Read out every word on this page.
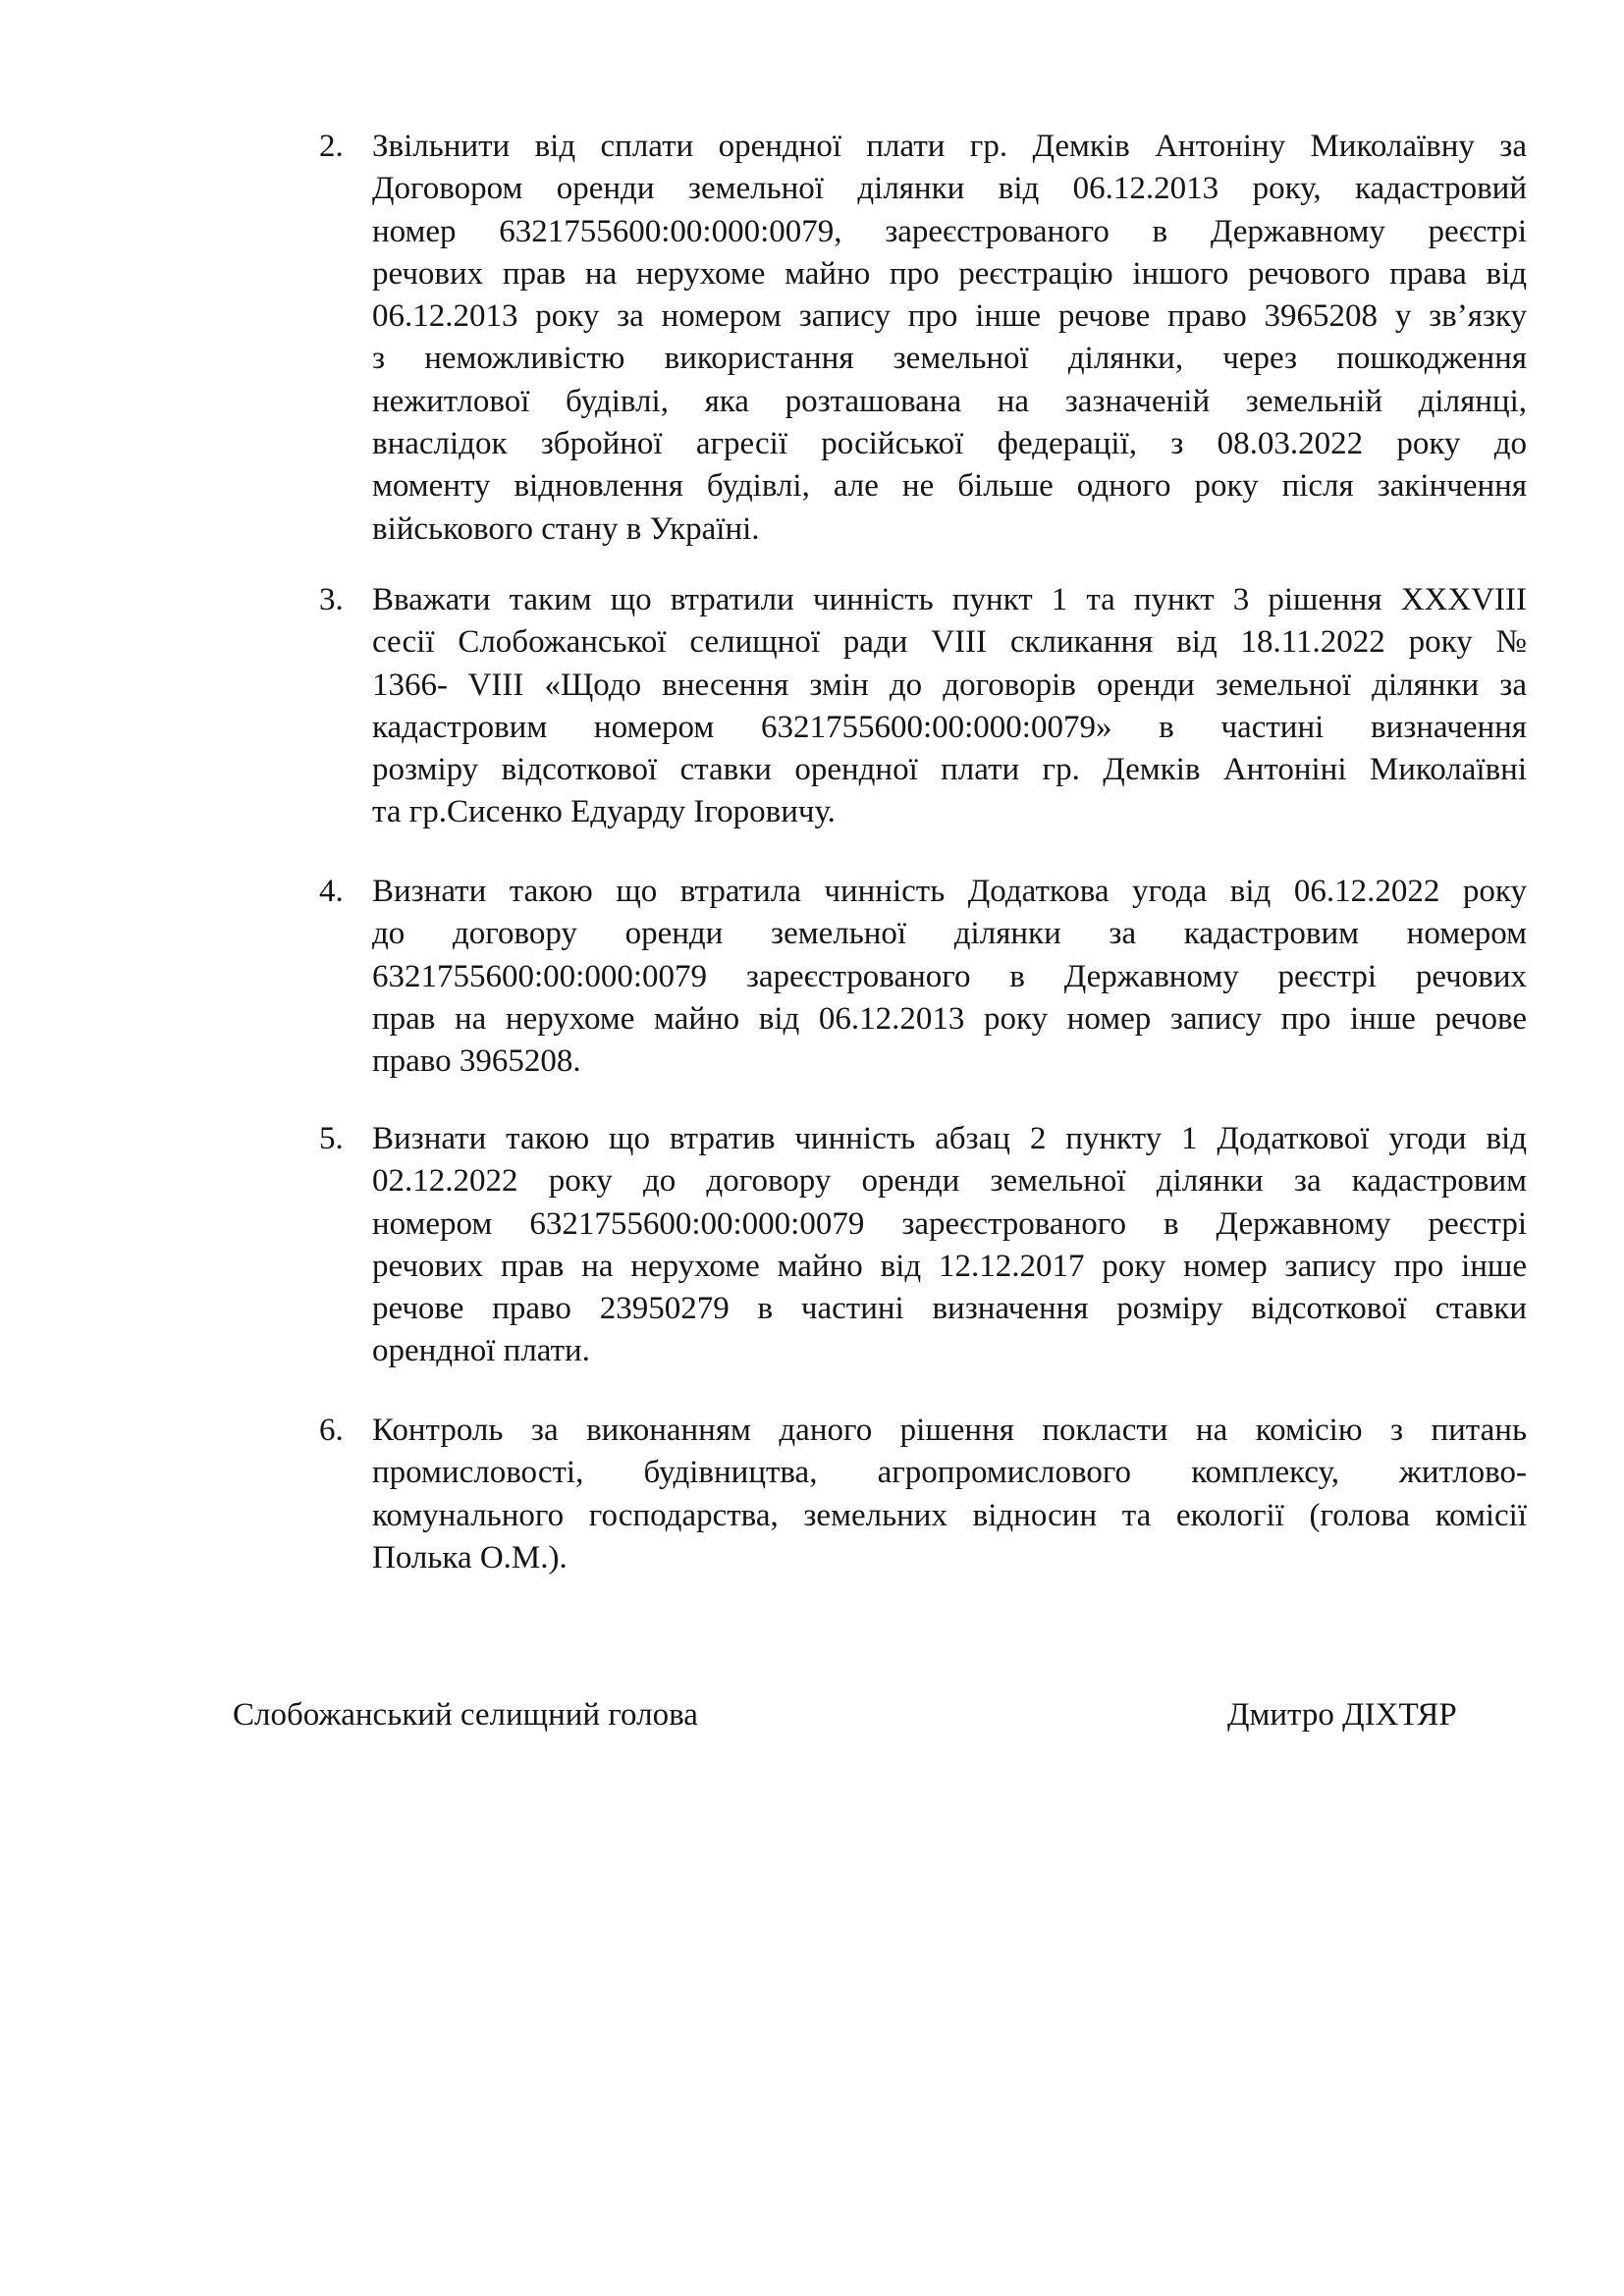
2. Звільнити від сплати орендної плати гр. Демків Антоніну Миколаївну за
Договором оренди земельної ділянки від 06.12.2013 року, кадастровий
номер 6321755600:00:000:0079, зареєстрованого в Державному реєстрі
речових прав на нерухоме майно про реєстрацію іншого речового права від
06.12.2013 року за номером запису про інше речове право 3965208 у зв’язку
з неможливістю використання земельної ділянки, через пошкодження
нежитлової будівлі, яка розташована на зазначеній земельній ділянці,
внаслідок збройної агресії російської федерації, з 08.03.2022 року до
моменту відновлення будівлі, але не більше одного року після закінчення
військового стану в Україні.
3. Вважати таким що втратили чинність пункт 1 та пункт 3 рішення XXXVIII
сесії Слобожанської селищної ради VIII скликання від 18.11.2022 року №
1366- VIII «Щодо внесення змін до договорів оренди земельної ділянки за
кадастровим номером 6321755600:00:000:0079» в частині визначення
розміру відсоткової ставки орендної плати гр. Демків Антоніні Миколаївні
та гр.Сисенко Едуарду Ігоровичу.
4. Визнати такою що втратила чинність Додаткова угода від 06.12.2022 року
до договору оренди земельної ділянки за кадастровим номером
6321755600:00:000:0079 зареєстрованого в Державному реєстрі речових
прав на нерухоме майно від 06.12.2013 року номер запису про інше речове
право 3965208.
5. Визнати такою що втратив чинність абзац 2 пункту 1 Додаткової угоди від
02.12.2022 року до договору оренди земельної ділянки за кадастровим
номером 6321755600:00:000:0079 зареєстрованого в Державному реєстрі
речових прав на нерухоме майно від 12.12.2017 року номер запису про інше
речове право 23950279 в частині визначення розміру відсоткової ставки
орендної плати.
6. Контроль за виконанням даного рішення покласти на комісію з питань
промисловості, будівництва, агропромислового комплексу, житлово-
комунального господарства, земельних відносин та екології (голова комісії
Полька О.М.).
Слобожанський селищний голова	Дмитро ДІХТЯР
